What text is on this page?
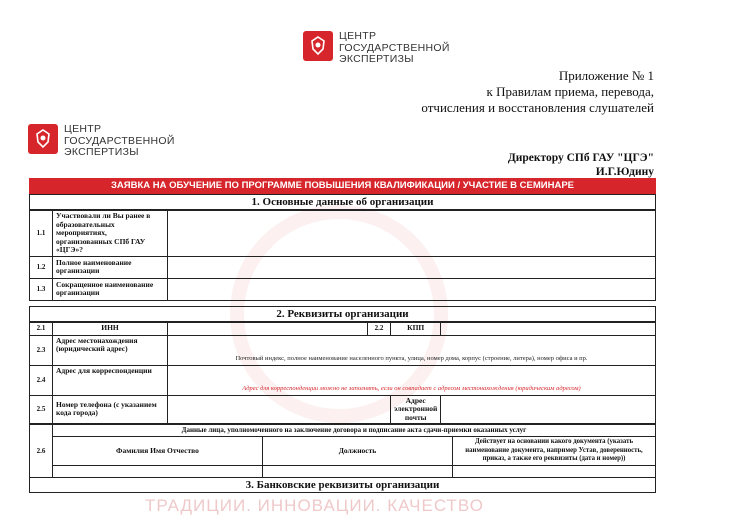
ТРАДИЦИИ. ИННОВАЦИИ. КАЧЕСТВО
ЦЕНТР
ГОСУДАРСТВЕННОЙ
ЭКСПЕРТИЗЫ
Приложение № 1
к Правилам приема, перевода,
отчисления и восстановления слушателей
ЦЕНТР
ГОСУДАРСТВЕННОЙ
ЭКСПЕРТИЗЫ	Директору СПб ГАУ "ЦГЭ"
И.Г.Юдину
ЗАЯВКА НА ОБУЧЕНИЕ ПО ПРОГРАММЕ ПОВЫШЕНИЯ КВАЛИФИКАЦИИ / УЧАСТИЕ В СЕМИНАРЕ
1. Основные данные об организации
1.1	Участвовали ли Вы ранее в образовательных мероприятиях, организованных СПб ГАУ «ЦГЭ»?	
1.2	Полное наименование организации	
1.3	Сокращенное наименование организации	
2. Реквизиты организации
2.1	ИНН		2.2	КПП	
2.3	Адрес местонахождения (юридический адрес)	Почтовый индекс, полное наименование населенного пункта, улица, номер дома, корпус (строение, литера), номер офиса и пр.			
2.4	Адрес для корреспонденции	Адрес для корреспонденции можно не заполнять, если он совпадает с адресом местонахождения (юридическим адресом)			
2.5	Номер телефона (с указанием кода города)			Адрес электронной почты	
2.6	Данные лица, уполномоченного на заключение договора и подписание акта сдачи-приемки оказанных услуг		
	Фамилия Имя Отчество	Должность	Действует на основании какого документа (указать наименование документа, например Устав, доверенность, приказ, а также его реквизиты (дата и номер))

3. Банковские реквизиты организации
